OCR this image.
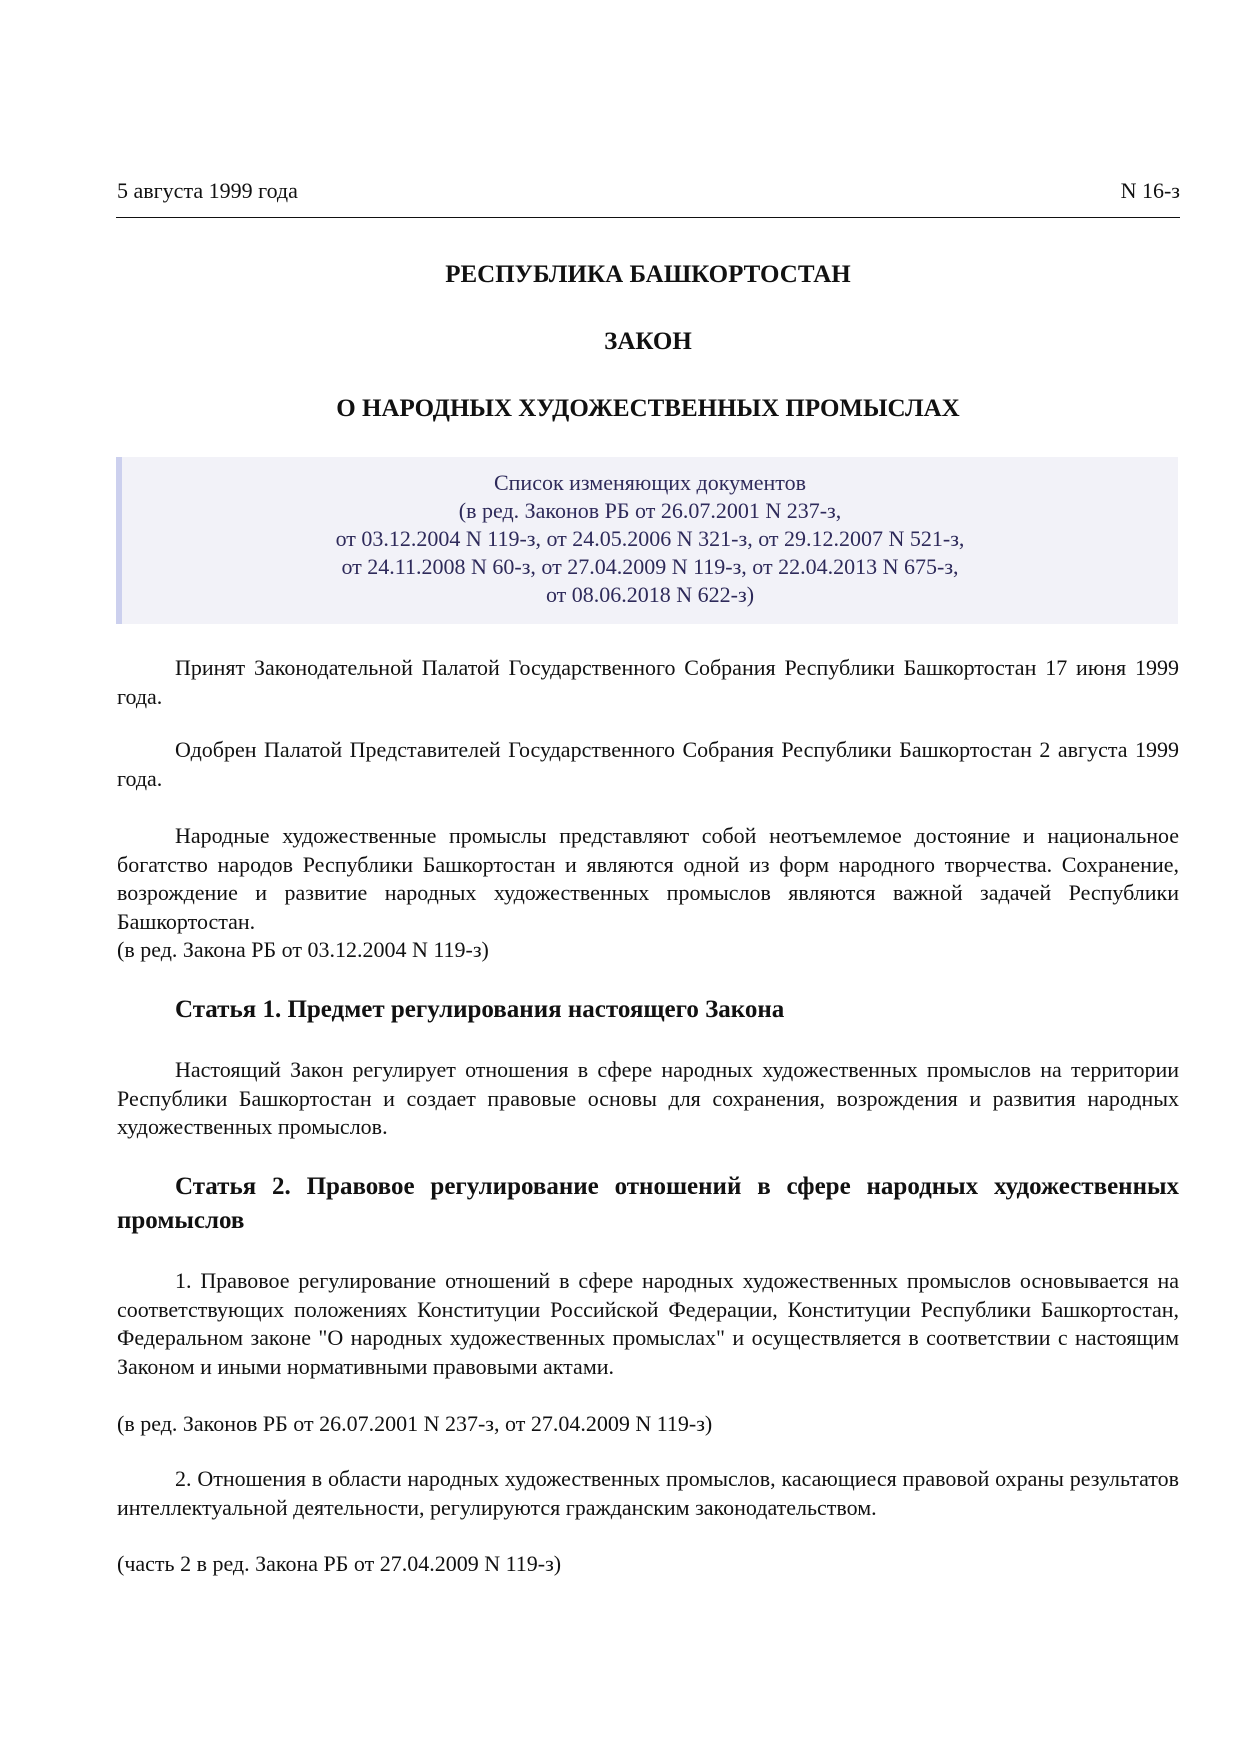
5 августа 1999 года	N 16-з
РЕСПУБЛИКА БАШКОРТОСТАН
ЗАКОН
О НАРОДНЫХ ХУДОЖЕСТВЕННЫХ ПРОМЫСЛАХ
Список изменяющих документов
(в ред. Законов РБ от 26.07.2001 N 237-з,
от 03.12.2004 N 119-з, от 24.05.2006 N 321-з, от 29.12.2007 N 521-з,
от 24.11.2008 N 60-з, от 27.04.2009 N 119-з, от 22.04.2013 N 675-з,
от 08.06.2018 N 622-з)

Принят Законодательной Палатой Государственного Собрания Республики Башкортостан 17 июня 1999 года.

Одобрен Палатой Представителей Государственного Собрания Республики Башкортостан 2 августа 1999 года.

Народные художественные промыслы представляют собой неотъемлемое достояние и национальное богатство народов Республики Башкортостан и являются одной из форм народного творчества. Сохранение, возрождение и развитие народных художественных промыслов являются важной задачей Республики Башкортостан.

(в ред. Закона РБ от 03.12.2004 N 119-з)

Статья 1. Предмет регулирования настоящего Закона

Настоящий Закон регулирует отношения в сфере народных художественных промыслов на территории Республики Башкортостан и создает правовые основы для сохранения, возрождения и развития народных художественных промыслов.

Статья 2. Правовое регулирование отношений в сфере народных художественных промыслов

1. Правовое регулирование отношений в сфере народных художественных промыслов основывается на соответствующих положениях Конституции Российской Федерации, Конституции Республики Башкортостан, Федеральном законе "О народных художественных промыслах" и осуществляется в соответствии с настоящим Законом и иными нормативными правовыми актами.

(в ред. Законов РБ от 26.07.2001 N 237-з, от 27.04.2009 N 119-з)

2. Отношения в области народных художественных промыслов, касающиеся правовой охраны результатов интеллектуальной деятельности, регулируются гражданским законодательством.

(часть 2 в ред. Закона РБ от 27.04.2009 N 119-з)
